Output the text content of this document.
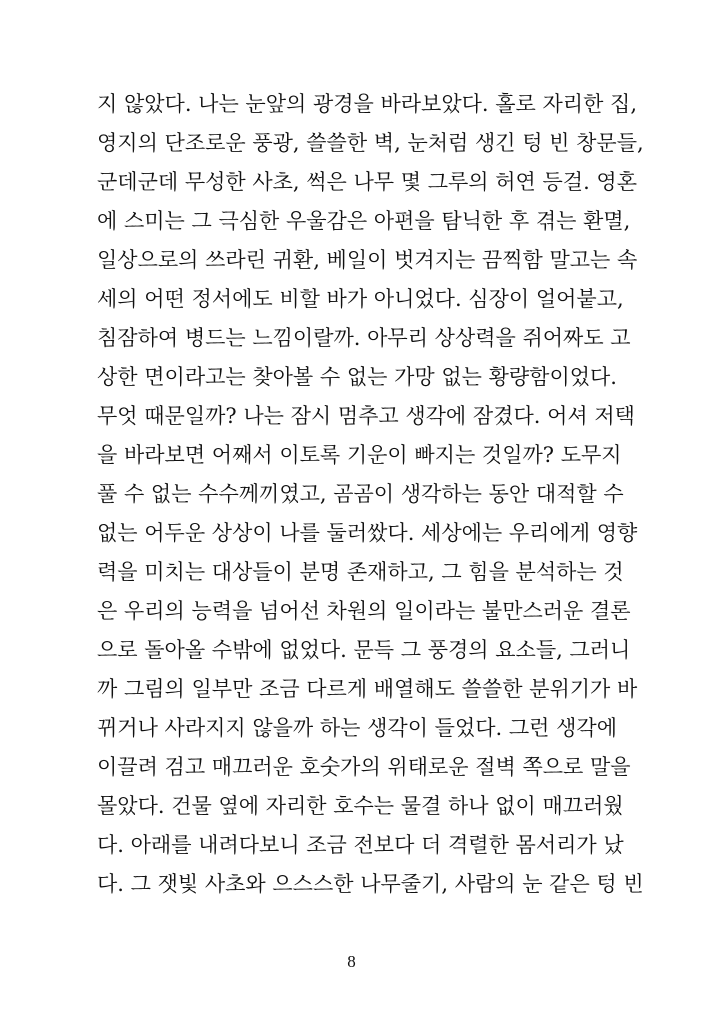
지 않았다. 나는 눈앞의 광경을 바라보았다. 홀로 자리한 집,
영지의 단조로운 풍광, 쓸쓸한 벽, 눈처럼 생긴 텅 빈 창문들,
군데군데 무성한 사초, 썩은 나무 몇 그루의 허연 등걸. 영혼
에 스미는 그 극심한 우울감은 아편을 탐닉한 후 겪는 환멸,
일상으로의 쓰라린 귀환, 베일이 벗겨지는 끔찍함 말고는 속
세의 어떤 정서에도 비할 바가 아니었다. 심장이 얼어붙고,
침잠하여 병드는 느낌이랄까. 아무리 상상력을 쥐어짜도 고
상한 면이라고는 찾아볼 수 없는 가망 없는 황량함이었다.
무엇 때문일까? 나는 잠시 멈추고 생각에 잠겼다. 어셔 저택
을 바라보면 어째서 이토록 기운이 빠지는 것일까? 도무지
풀 수 없는 수수께끼였고, 곰곰이 생각하는 동안 대적할 수
없는 어두운 상상이 나를 둘러쌌다. 세상에는 우리에게 영향
력을 미치는 대상들이 분명 존재하고, 그 힘을 분석하는 것
은 우리의 능력을 넘어선 차원의 일이라는 불만스러운 결론
으로 돌아올 수밖에 없었다. 문득 그 풍경의 요소들, 그러니
까 그림의 일부만 조금 다르게 배열해도 쓸쓸한 분위기가 바
뀌거나 사라지지 않을까 하는 생각이 들었다. 그런 생각에
이끌려 검고 매끄러운 호숫가의 위태로운 절벽 쪽으로 말을
몰았다. 건물 옆에 자리한 호수는 물결 하나 없이 매끄러웠
다. 아래를 내려다보니 조금 전보다 더 격렬한 몸서리가 났
다. 그 잿빛 사초와 으스스한 나무줄기, 사람의 눈 같은 텅 빈
8
